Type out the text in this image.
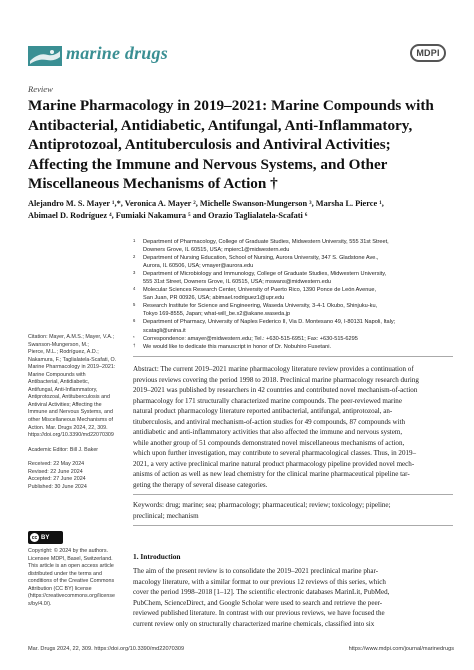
marine drugs	MDPI
Review
Marine Pharmacology in 2019–2021: Marine Compounds with
Antibacterial, Antidiabetic, Antifungal, Anti-Inflammatory,
Antiprotozoal, Antituberculosis and Antiviral Activities;
Affecting the Immune and Nervous Systems, and Other
Miscellaneous Mechanisms of Action †
Alejandro M. S. Mayer ¹,*, Veronica A. Mayer ², Michelle Swanson-Mungerson ³, Marsha L. Pierce ¹,
Abimael D. Rodríguez ⁴, Fumiaki Nakamura ⁵ and Orazio Taglialatela-Scafati ⁶
1 Department of Pharmacology, College of Graduate Studies, Midwestern University, 555 31st Street,
Downers Grove, IL 60515, USA; mpierc1@midwestern.edu
2 Department of Nursing Education, School of Nursing, Aurora University, 347 S. Gladstone Ave.,
Aurora, IL 60506, USA; vmayer@aurora.edu
3 Department of Microbiology and Immunology, College of Graduate Studies, Midwestern University,
555 31st Street, Downers Grove, IL 60515, USA; mswans@midwestern.edu
4 Molecular Sciences Research Center, University of Puerto Rico, 1390 Ponce de León Avenue,
San Juan, PR 00926, USA; abimael.rodriguez1@upr.edu
5 Research Institute for Science and Engineering, Waseda University, 3-4-1 Okubo, Shinjuku-ku,
Tokyo 169-8555, Japan; what-will_be.x2@akane.waseda.jp
6 Department of Pharmacy, University of Naples Federico II, Via D. Montesano 49, I-80131 Napoli, Italy;
scatagli@unina.it
* Correspondence: amayer@midwestern.edu; Tel.: +630-515-6951; Fax: +630-515-6295
† We would like to dedicate this manuscript in honor of Dr. Nobuhiro Fusetani.
Citation: Mayer, A.M.S.; Mayer, V.A.;
Swanson-Mungerson, M.;
Pierce, M.L.; Rodríguez, A.D.;
Nakamura, F.; Taglialatela-Scafati, O.
Marine Pharmacology in 2019–2021:
Marine Compounds with
Antibacterial, Antidiabetic,
Antifungal, Anti-Inflammatory,
Antiprotozoal, Antituberculosis and
Antiviral Activities; Affecting the
Immune and Nervous Systems, and
other Miscellaneous Mechanisms of
Action. Mar. Drugs 2024, 22, 309.
https://doi.org/10.3390/md22070309
Academic Editor: Bill J. Baker
Received: 22 May 2024
Revised: 22 June 2024
Accepted: 27 June 2024
Published: 30 June 2024
cc BY
Copyright: © 2024 by the authors.
Licensee MDPI, Basel, Switzerland.
This article is an open access article
distributed under the terms and
conditions of the Creative Commons
Attribution (CC BY) license
(https://creativecommons.org/license
s/by/4.0/).
Abstract: The current 2019–2021 marine pharmacology literature review provides a continuation of
previous reviews covering the period 1998 to 2018. Preclinical marine pharmacology research during
2019–2021 was published by researchers in 42 countries and contributed novel mechanism-of-action
pharmacology for 171 structurally characterized marine compounds. The peer-reviewed marine
natural product pharmacology literature reported antibacterial, antifungal, antiprotozoal, an-
tituberculosis, and antiviral mechanism-of-action studies for 49 compounds, 87 compounds with
antidiabetic and anti-inflammatory activities that also affected the immune and nervous system,
while another group of 51 compounds demonstrated novel miscellaneous mechanisms of action,
which upon further investigation, may contribute to several pharmacological classes. Thus, in 2019–
2021, a very active preclinical marine natural product pharmacology pipeline provided novel mech-
anisms of action as well as new lead chemistry for the clinical marine pharmaceutical pipeline tar-
geting the therapy of several disease categories.
Keywords: drug; marine; sea; pharmacology; pharmaceutical; review; toxicology; pipeline;
preclinical; mechanism
1. Introduction
The aim of the present review is to consolidate the 2019–2021 preclinical marine phar-
macology literature, with a similar format to our previous 12 reviews of this series, which
cover the period 1998–2018 [1–12]. The scientific electronic databases MarinLit, PubMed,
PubChem, ScienceDirect, and Google Scholar were used to search and retrieve the peer-
reviewed published literature. In contrast with our previous reviews, we have focused the
current review only on structurally characterized marine chemicals, classified into six
Mar. Drugs 2024, 22, 309. https://doi.org/10.3390/md22070309	https://www.mdpi.com/journal/marinedrugs
